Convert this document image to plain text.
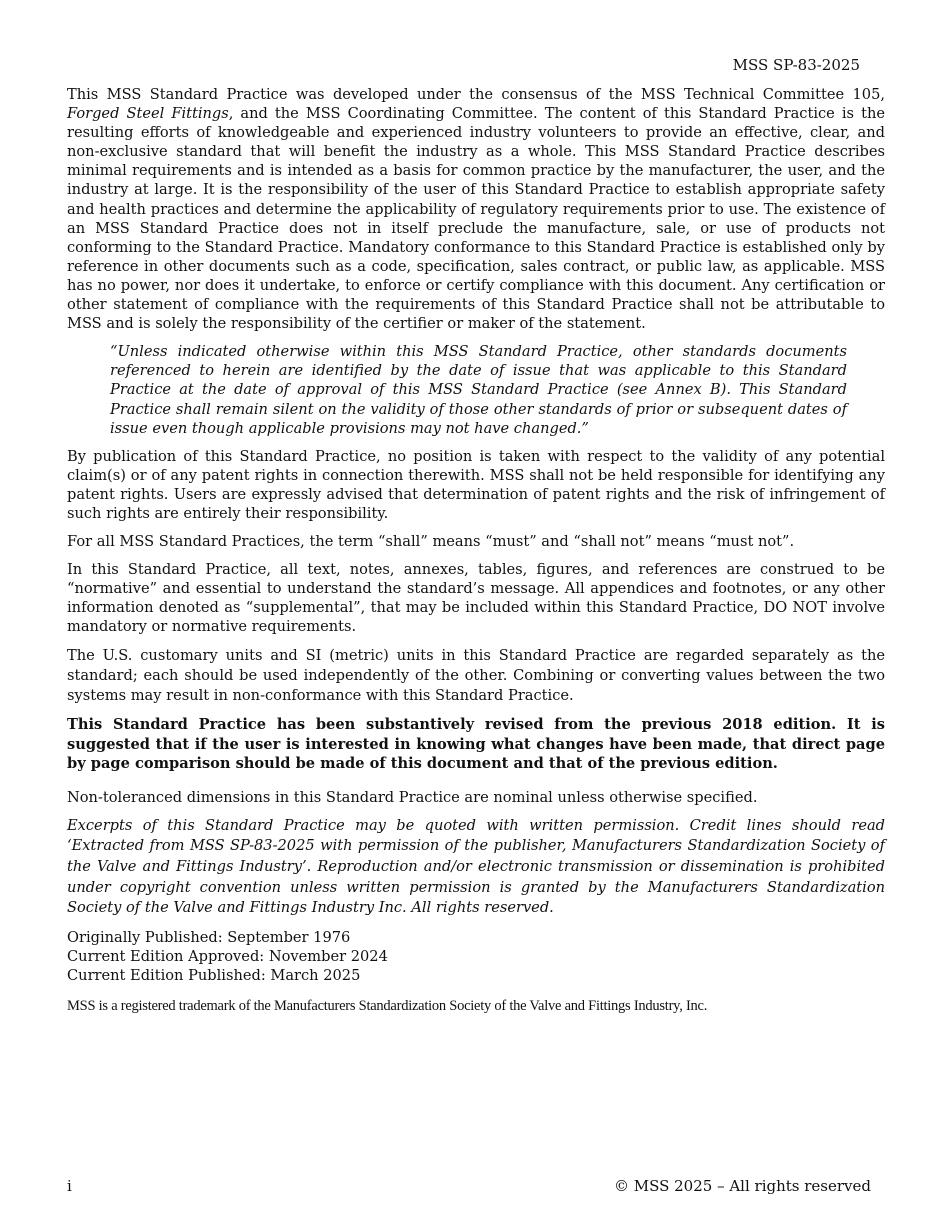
MSS SP-83-2025

This MSS Standard Practice was developed under the consensus of the MSS Technical Committee 105, Forged Steel Fittings, and the MSS Coordinating Committee. The content of this Standard Practice is the resulting efforts of knowledgeable and experienced industry volunteers to provide an effective, clear, and non-exclusive standard that will benefit the industry as a whole. This MSS Standard Practice describes minimal requirements and is intended as a basis for common practice by the manufacturer, the user, and the industry at large. It is the responsibility of the user of this Standard Practice to establish appropriate safety and health practices and determine the applicability of regulatory requirements prior to use. The existence of an MSS Standard Practice does not in itself preclude the manufacture, sale, or use of products not conforming to the Standard Practice. Mandatory conformance to this Standard Practice is established only by reference in other documents such as a code, specification, sales contract, or public law, as applicable. MSS has no power, nor does it undertake, to enforce or certify compliance with this document. Any certification or other statement of compliance with the requirements of this Standard Practice shall not be attributable to MSS and is solely the responsibility of the certifier or maker of the statement.

“Unless indicated otherwise within this MSS Standard Practice, other standards documents referenced to herein are identified by the date of issue that was applicable to this Standard Practice at the date of approval of this MSS Standard Practice (see Annex B). This Standard Practice shall remain silent on the validity of those other standards of prior or subsequent dates of issue even though applicable provisions may not have changed.”

By publication of this Standard Practice, no position is taken with respect to the validity of any potential claim(s) or of any patent rights in connection therewith. MSS shall not be held responsible for identifying any patent rights. Users are expressly advised that determination of patent rights and the risk of infringement of such rights are entirely their responsibility.

For all MSS Standard Practices, the term “shall” means “must” and “shall not” means “must not”.

In this Standard Practice, all text, notes, annexes, tables, figures, and references are construed to be “normative” and essential to understand the standard’s message. All appendices and footnotes, or any other information denoted as “supplemental”, that may be included within this Standard Practice, DO NOT involve mandatory or normative requirements.

The U.S. customary units and SI (metric) units in this Standard Practice are regarded separately as the standard; each should be used independently of the other. Combining or converting values between the two systems may result in non-conformance with this Standard Practice.

This Standard Practice has been substantively revised from the previous 2018 edition. It is suggested that if the user is interested in knowing what changes have been made, that direct page by page comparison should be made of this document and that of the previous edition.

Non-toleranced dimensions in this Standard Practice are nominal unless otherwise specified.

Excerpts of this Standard Practice may be quoted with written permission. Credit lines should read ‘Extracted from MSS SP-83-2025 with permission of the publisher, Manufacturers Standardization Society of the Valve and Fittings Industry’. Reproduction and/or electronic transmission or dissemination is prohibited under copyright convention unless written permission is granted by the Manufacturers Standardization Society of the Valve and Fittings Industry Inc. All rights reserved.

Originally Published: September 1976
Current Edition Approved: November 2024
Current Edition Published: March 2025
MSS is a registered trademark of the Manufacturers Standardization Society of the Valve and Fittings Industry, Inc.
i	© MSS 2025 – All rights reserved
